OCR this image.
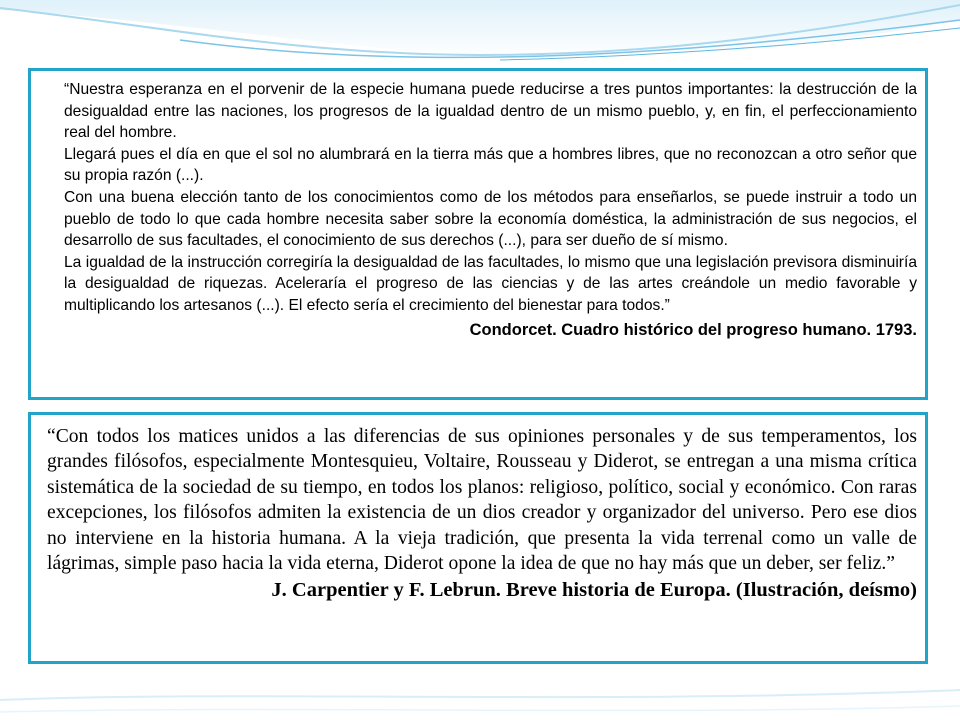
“Nuestra esperanza en el porvenir de la especie humana puede reducirse a tres puntos importantes: la destrucción de la desigualdad entre las naciones, los progresos de la igualdad dentro de un mismo pueblo, y, en fin, el perfeccionamiento real del hombre.

Llegará pues el día en que el sol no alumbrará en la tierra más que a hombres libres, que no reconozcan a otro señor que su propia razón (...).

Con una buena elección tanto de los conocimientos como de los métodos para enseñarlos, se puede instruir a todo un pueblo de todo lo que cada hombre necesita saber sobre la economía doméstica, la administración de sus negocios, el desarrollo de sus facultades, el conocimiento de sus derechos (...), para ser dueño de sí mismo.

La igualdad de la instrucción corregiría la desigualdad de las facultades, lo mismo que una legislación previsora disminuiría la desigualdad de riquezas. Aceleraría el progreso de las ciencias y de las artes creándole un medio favorable y multiplicando los artesanos (...). El efecto sería el crecimiento del bienestar para todos.”

Condorcet. Cuadro histórico del progreso humano. 1793.

“Con todos los matices unidos a las diferencias de sus opiniones personales y de sus temperamentos, los grandes filósofos, especialmente Montesquieu, Voltaire, Rousseau y Diderot, se entregan a una misma crítica sistemática de la sociedad de su tiempo, en todos los planos: religioso, político, social y económico. Con raras excepciones, los filósofos admiten la existencia de un dios creador y organizador del universo. Pero ese dios no interviene en la historia humana. A la vieja tradición, que presenta la vida terrenal como un valle de lágrimas, simple paso hacia la vida eterna, Diderot opone la idea de que no hay más que un deber, ser feliz.”

J. Carpentier y F. Lebrun. Breve historia de Europa. (Ilustración, deísmo)
